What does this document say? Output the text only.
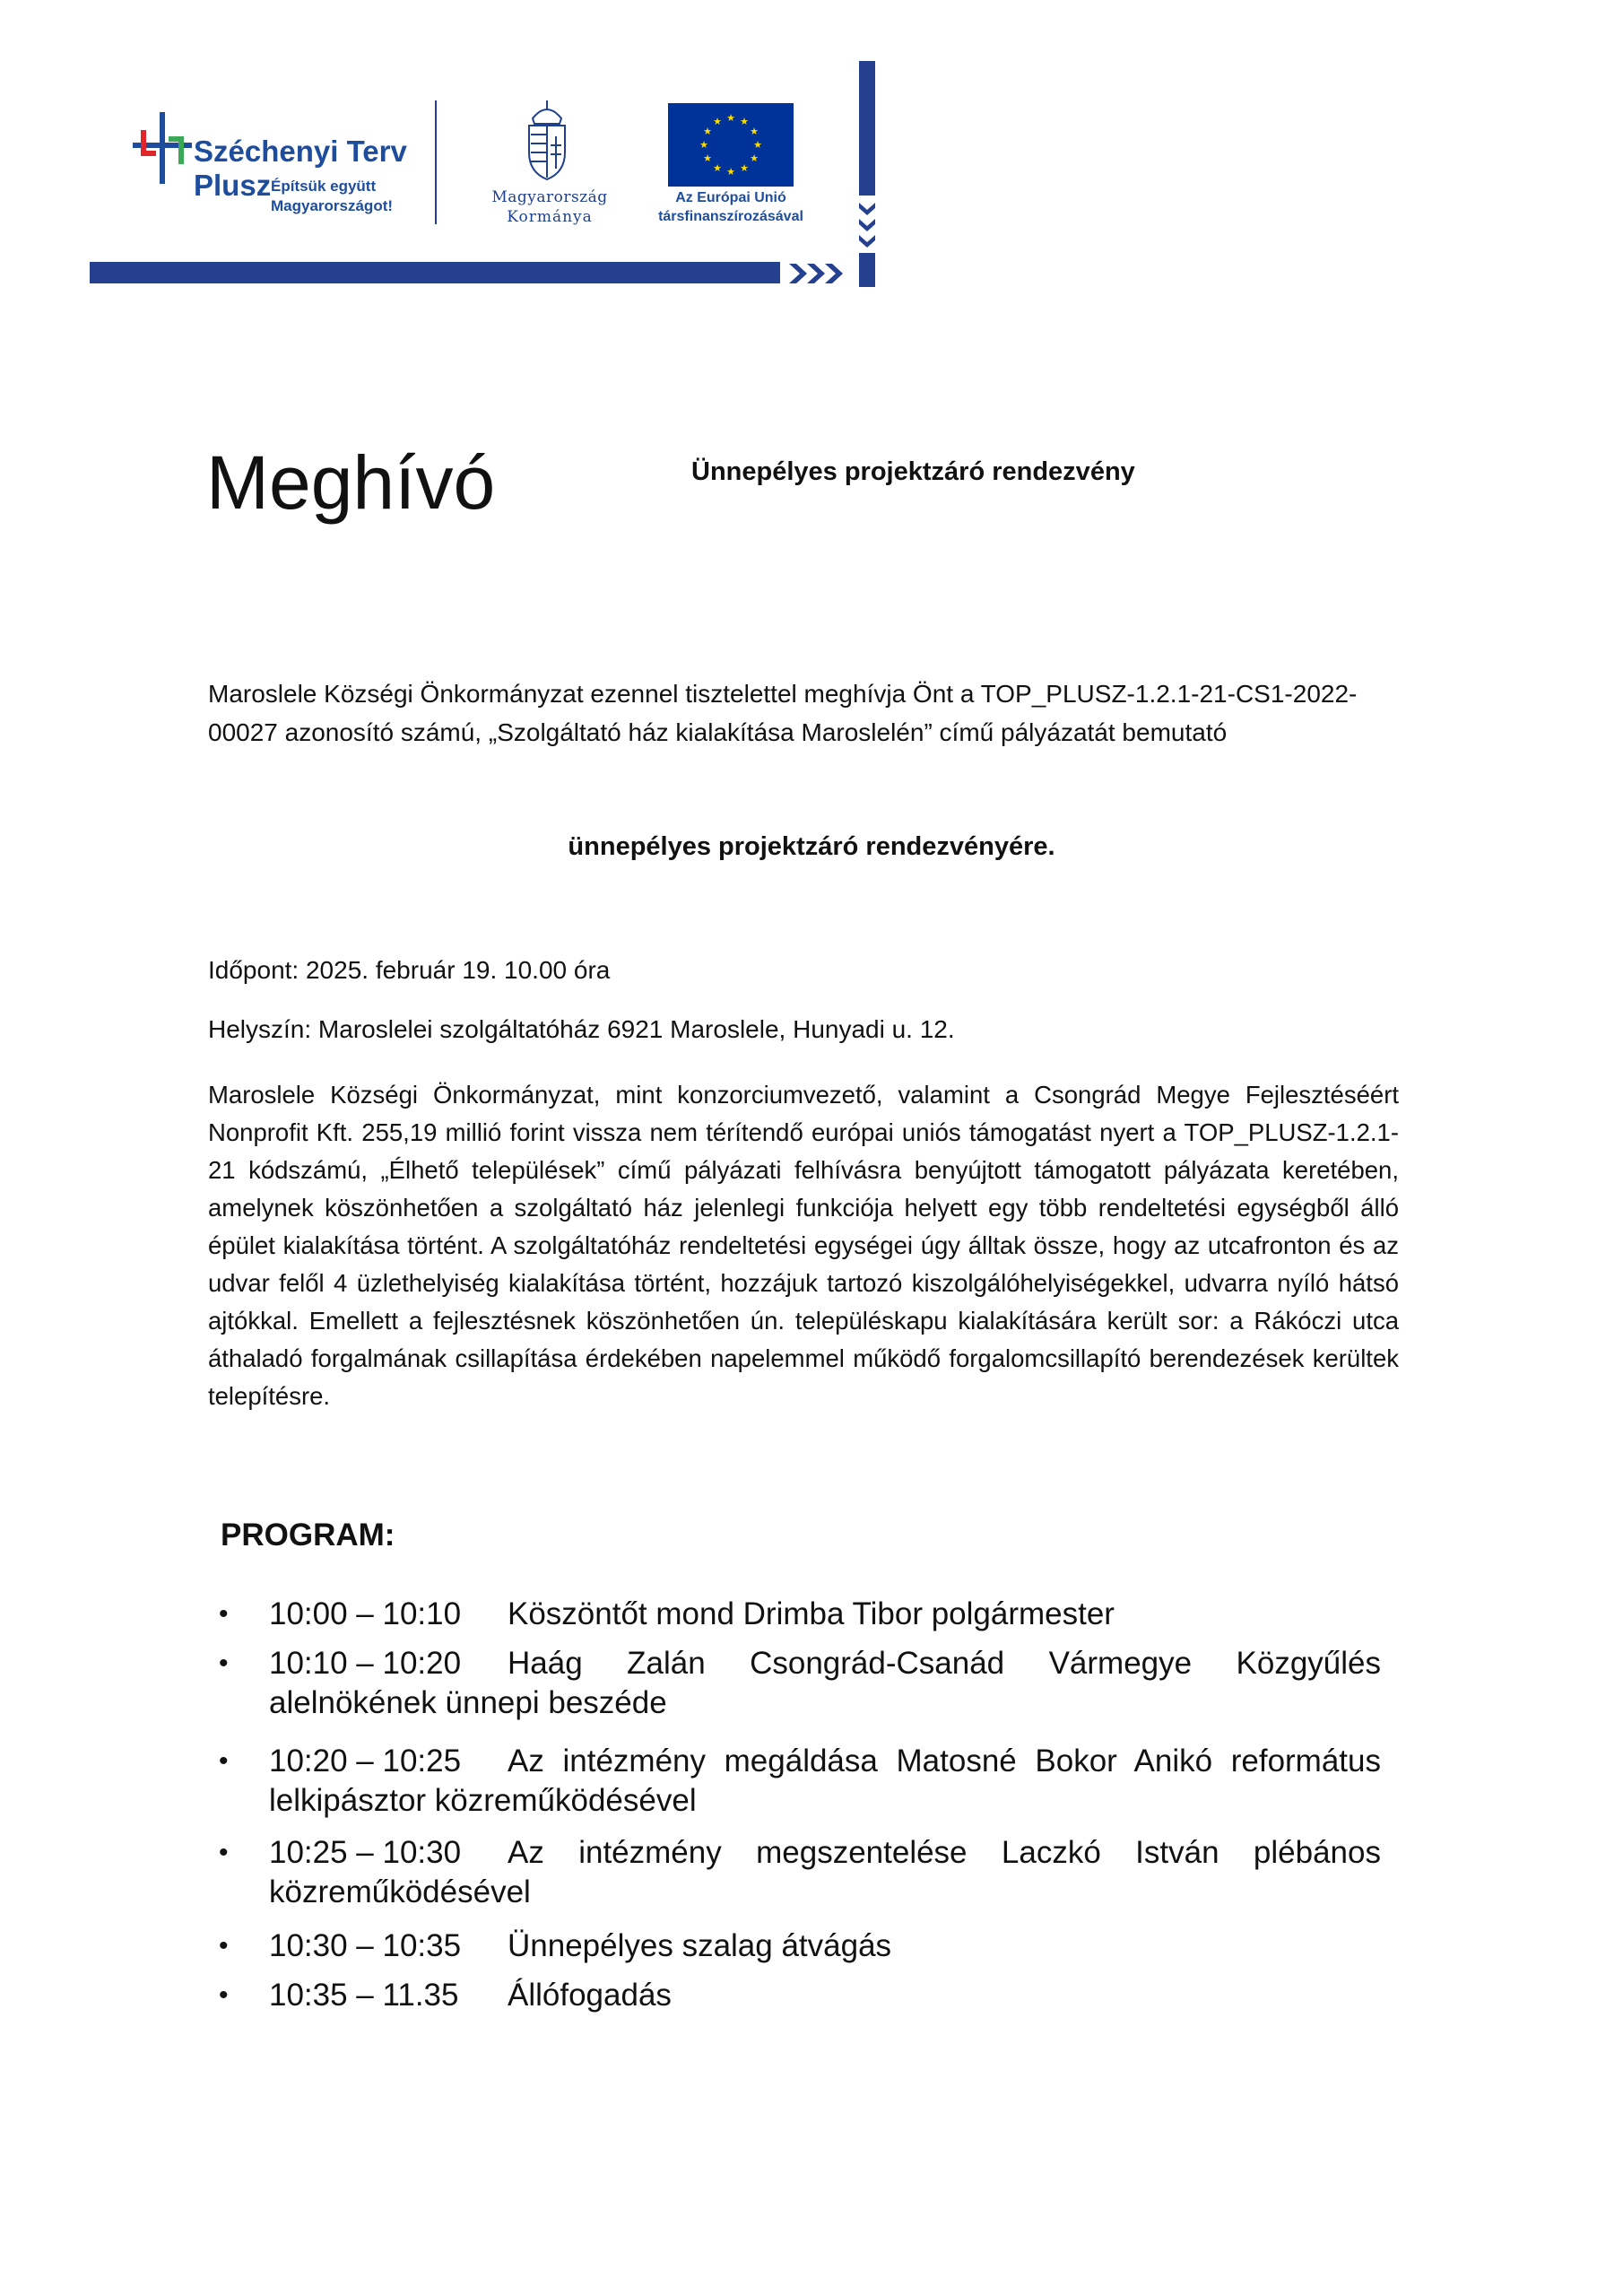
Széchenyi Terv
Plusz Építsük együtt
Magyarországot!	Magyarország
Kormánya
★ ★
★
★
★
★
★
★
★
★
★
★
Az Európai Unió
társfinanszírozásával
Meghívó	Ünnepélyes projektzáró rendezvény
Maroslele Községi Önkormányzat ezennel tisztelettel meghívja Önt a TOP_PLUSZ-1.2.1-21-CS1-2022-00027 azonosító számú, „Szolgáltató ház kialakítása Maroslelén” című pályázatát bemutató
ünnepélyes projektzáró rendezvényére.
Időpont: 2025. február 19. 10.00 óra
Helyszín: Maroslelei szolgáltatóház 6921 Maroslele, Hunyadi u. 12.
Maroslele Községi Önkormányzat, mint konzorciumvezető, valamint a Csongrád Megye Fejlesztéséért Nonprofit Kft. 255,19 millió forint vissza nem térítendő európai uniós támogatást nyert a TOP_PLUSZ-1.2.1-21 kódszámú, „Élhető települések” című pályázati felhívásra benyújtott támogatott pályázata keretében, amelynek köszönhetően a szolgáltató ház jelenlegi funkciója helyett egy több rendeltetési egységből álló épület kialakítása történt. A szolgáltatóház rendeltetési egységei úgy álltak össze, hogy az utcafronton és az udvar felől 4 üzlethelyiség kialakítása történt, hozzájuk tartozó kiszolgálóhelyiségekkel, udvarra nyíló hátsó ajtókkal. Emellett a fejlesztésnek köszönhetően ún. településkapu kialakítására került sor: a Rákóczi utca áthaladó forgalmának csillapítása érdekében napelemmel működő forgalomcsillapító berendezések kerültek telepítésre.
PROGRAM:
•	10:00 – 10:10 Köszöntőt mond Drimba Tibor polgármester
•	10:10 – 10:20 Haág Zalán Csongrád-Csanád Vármegye Közgyűlés
alelnökének ünnepi beszéde
•	10:20 – 10:25 Az intézmény megáldása Matosné Bokor Anikó református
lelkipásztor közreműködésével
•	10:25 – 10:30 Az intézmény megszentelése Laczkó István plébános
közreműködésével
•	10:30 – 10:35 Ünnepélyes szalag átvágás
•	10:35 – 11.35 Állófogadás
